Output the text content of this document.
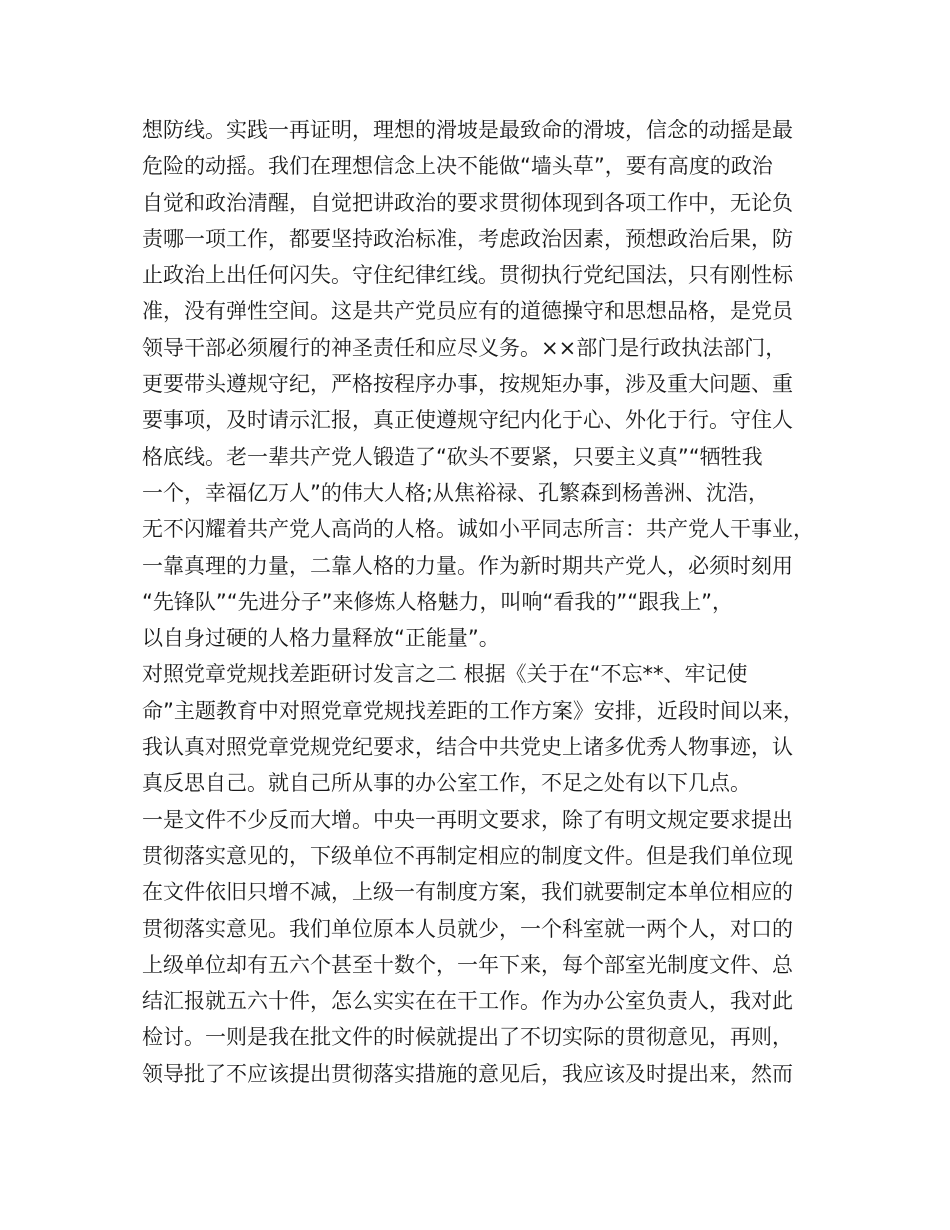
想防线。实践一再证明，理想的滑坡是最致命的滑坡，信念的动摇是最
危险的动摇。我们在理想信念上决不能做“墙头草”，要有高度的政治
自觉和政治清醒，自觉把讲政治的要求贯彻体现到各项工作中，无论负
责哪一项工作，都要坚持政治标准，考虑政治因素，预想政治后果，防
止政治上出任何闪失。守住纪律红线。贯彻执行党纪国法，只有刚性标
准，没有弹性空间。这是共产党员应有的道德操守和思想品格，是党员
领导干部必须履行的神圣责任和应尽义务。××部门是行政执法部门，
更要带头遵规守纪，严格按程序办事，按规矩办事，涉及重大问题、重
要事项，及时请示汇报，真正使遵规守纪内化于心、外化于行。守住人
格底线。老一辈共产党人锻造了“砍头不要紧，只要主义真”“牺牲我
一个，幸福亿万人”的伟大人格;从焦裕禄、孔繁森到杨善洲、沈浩，
无不闪耀着共产党人高尚的人格。诚如小平同志所言：共产党人干事业，
一靠真理的力量，二靠人格的力量。作为新时期共产党人，必须时刻用
“先锋队”“先进分子”来修炼人格魅力，叫响“看我的”“跟我上”，
以自身过硬的人格力量释放“正能量”。
对照党章党规找差距研讨发言之二 根据《关于在“不忘**、牢记使
命”主题教育中对照党章党规找差距的工作方案》安排，近段时间以来，
我认真对照党章党规党纪要求，结合中共党史上诸多优秀人物事迹，认
真反思自己。就自己所从事的办公室工作，不足之处有以下几点。
一是文件不少反而大增。中央一再明文要求，除了有明文规定要求提出
贯彻落实意见的，下级单位不再制定相应的制度文件。但是我们单位现
在文件依旧只增不减，上级一有制度方案，我们就要制定本单位相应的
贯彻落实意见。我们单位原本人员就少，一个科室就一两个人，对口的
上级单位却有五六个甚至十数个，一年下来，每个部室光制度文件、总
结汇报就五六十件，怎么实实在在干工作。作为办公室负责人，我对此
检讨。一则是我在批文件的时候就提出了不切实际的贯彻意见，再则，
领导批了不应该提出贯彻落实措施的意见后，我应该及时提出来，然而
